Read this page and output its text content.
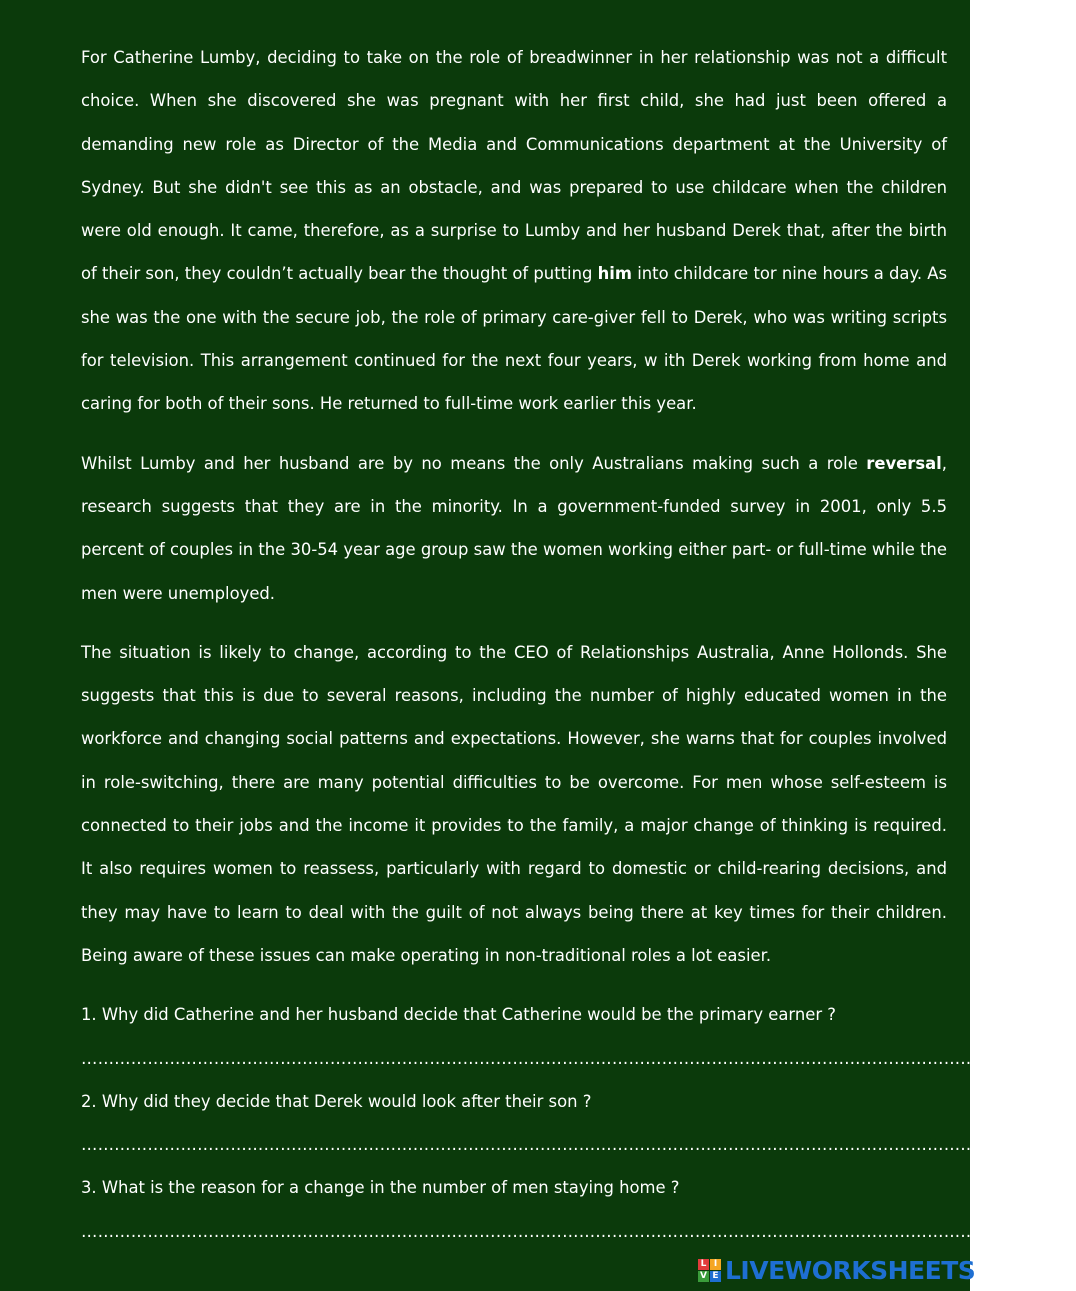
For Catherine Lumby, deciding to take on the role of breadwinner in her relationship was not a difficult choice. When she discovered she was pregnant with her first child, she had just been offered a demanding new role as Director of the Media and Communications department at the University of Sydney. But she didn't see this as an obstacle, and was prepared to use childcare when the children were old enough. It came, therefore, as a surprise to Lumby and her husband Derek that, after the birth of their son, they couldn’t actually bear the thought of putting him into childcare tor nine hours a day. As she was the one with the secure job, the role of primary care-giver fell to Derek, who was writing scripts for television. This arrangement continued for the next four years, w ith Derek working from home and caring for both of their sons. He returned to full-time work earlier this year.

Whilst Lumby and her husband are by no means the only Australians making such a role reversal, research suggests that they are in the minority. In a government-funded survey in 2001, only 5.5 percent of couples in the 30-54 year age group saw the women working either part- or full-time while the men were unemployed.

The situation is likely to change, according to the CEO of Relationships Australia, Anne Hollonds. She suggests that this is due to several reasons, including the number of highly educated women in the workforce and changing social patterns and expectations. However, she warns that for couples involved in role-switching, there are many potential difficulties to be overcome. For men whose self-esteem is connected to their jobs and the income it provides to the family, a major change of thinking is required. It also requires women to reassess, particularly with regard to domestic or child-rearing decisions, and they may have to learn to deal with the guilt of not always being there at key times for their children. Being aware of these issues can make operating in non-traditional roles a lot easier.

1. Why did Catherine and her husband decide that Catherine would be the primary earner ?

………………………………………………………………………………………………………………………………………………………………

2. Why did they decide that Derek would look after their son ?

………………………………………………………………………………………………………………………………………………………………

3. What is the reason for a change in the number of men staying home ?

………………………………………………………………………………………………………………………………………………………………

L I
V E LIVEWORKSHEETS
